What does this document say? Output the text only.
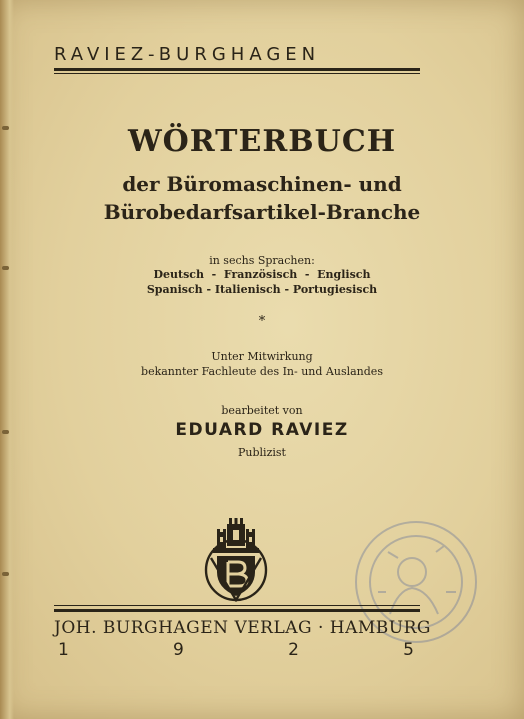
RAVIEZ-BURGHAGEN
WÖRTERBUCH
der Büromaschinen- und
Bürobedarfsartikel-Branche
in sechs Sprachen:
Deutsch  -  Französisch  -  Englisch
Spanisch - Italienisch - Portugiesisch
*
Unter Mitwirkung
bekannter Fachleute des In- und Auslandes
bearbeitet von
EDUARD RAVIEZ
Publizist
JOH. BURGHAGEN VERLAG · HAMBURG
1	9	2	5
